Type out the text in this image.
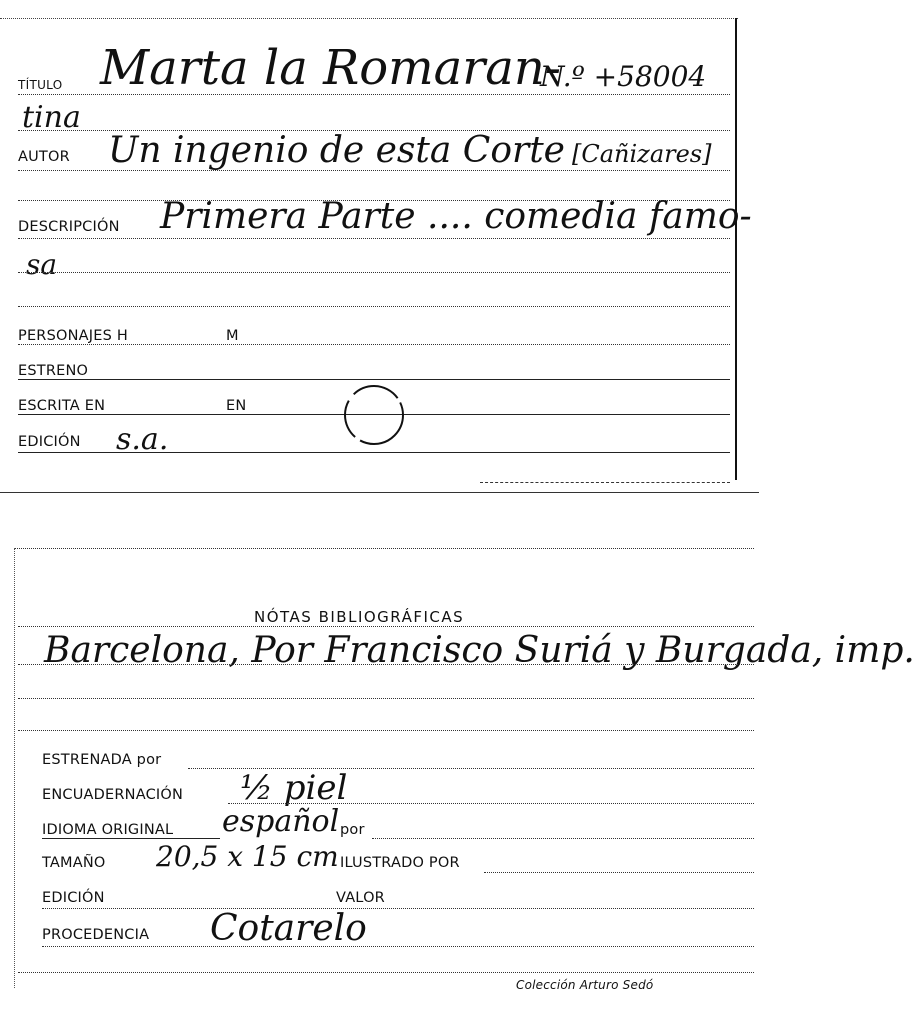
TÍTULO Marta la Romaran-
N.º +58004
tina
AUTOR Un ingenio de esta Corte [Cañizares]
DESCRIPCIÓN Primera Parte .... comedia famo-
sa
PERSONAJES H	M
ESTRENO
ESCRITA EN	EN
EDICIÓN s.a.
NÓTAS BIBLIOGRÁFICAS
Barcelona, Por Francisco Suriá y Burgada, imp.
ESTRENADA por
ENCUADERNACIÓN ½ piel
IDIOMA ORIGINAL español por
TAMAÑO 20,5 x 15 cm ILUSTRADO POR
EDICIÓN	VALOR
PROCEDENCIA Cotarelo
Colección Arturo Sedó
